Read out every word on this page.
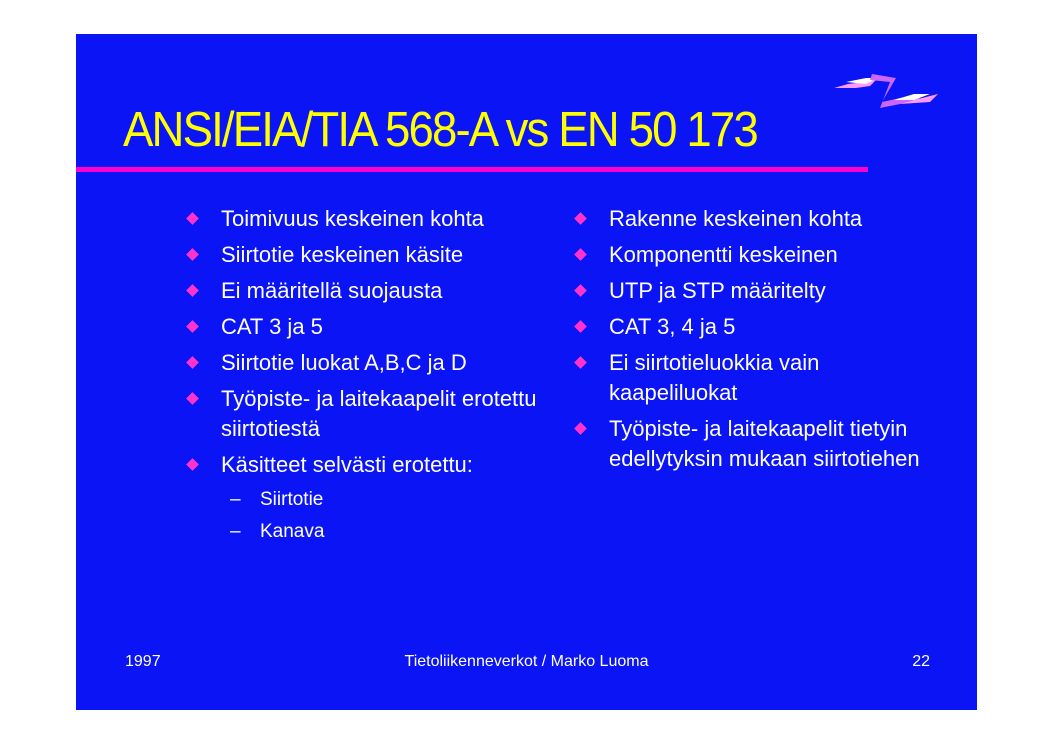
ANSI/EIA/TIA 568-A vs EN 50 173
Toimivuus keskeinen kohta
Siirtotie keskeinen käsite
Ei määritellä suojausta
CAT 3 ja 5
Siirtotie luokat A,B,C ja D
Työpiste- ja laitekaapelit erotettu siirtotiestä
Käsitteet selvästi erotettu:
– Siirtotie
– Kanava
Rakenne keskeinen kohta
Komponentti keskeinen
UTP ja STP määritelty
CAT 3, 4 ja 5
Ei siirtotieluokkia vain kaapeliluokat
Työpiste- ja laitekaapelit tietyin edellytyksin mukaan siirtotiehen
1997	Tietoliikenneverkot / Marko Luoma	22
